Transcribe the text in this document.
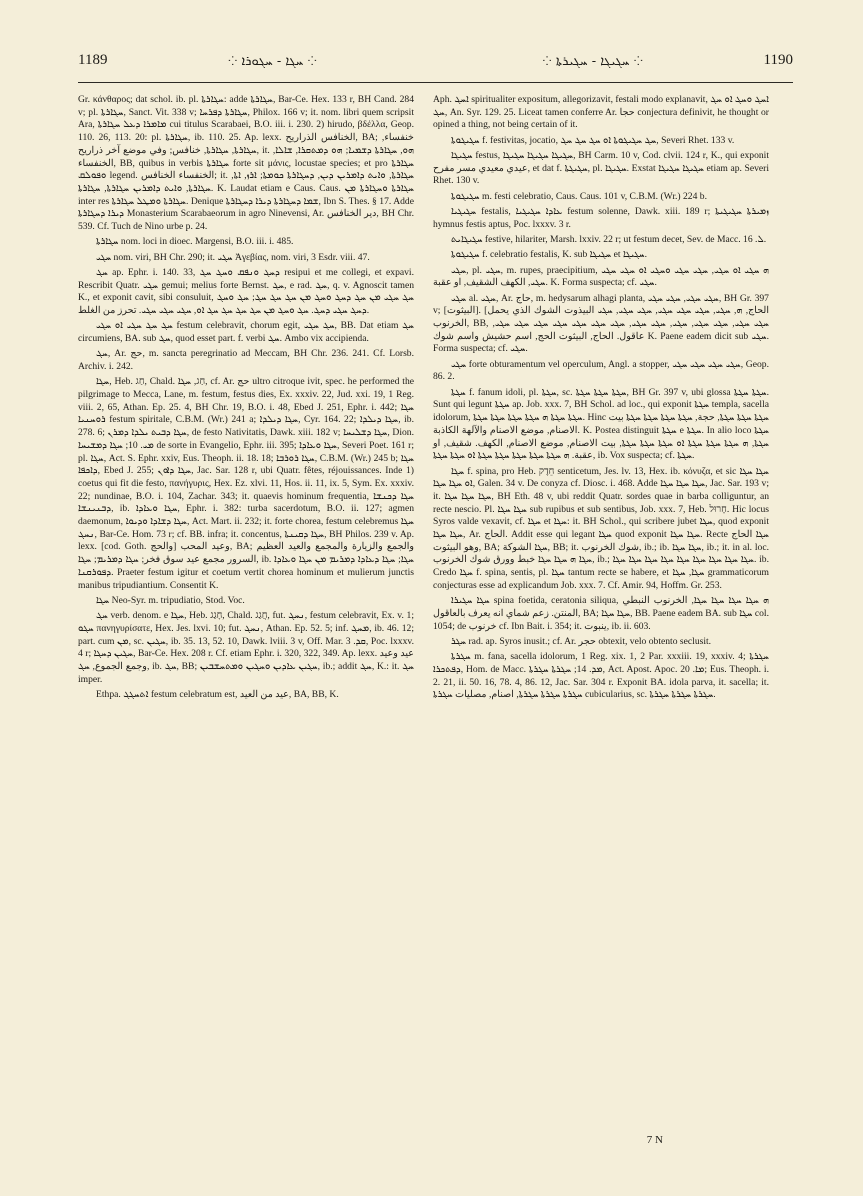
1189	⁘ ܚܓܐ - ܚܓܘܪܐ ⁘	⁘ ܚܓܝܓܐ - ܚܓܝܪܬܐ ⁘	1190

Gr. κάνθαρος; dat schol. ib. pl. ܚܓܐܪܬܐ: adde ܚܓܐܪܬܐ, Bar-Ce. Hex. 133 r, BH Cand. 284 v; pl. ܚܓܐܪܬܐ, Sanct. Vit. 338 v; ܚܓܐܪܬܐ ܕܦܪܚܐ, Philox. 166 v; it. nom. libri quem scripsit Ara, ܡܐܡܪܐ ܕܥܠ ܚܓܐܪܬܐ cui titulus Scarabaei, B.O. iii. i. 230. 2) hirudo, βδέλλα, Geop. 110. 26, 113. 20: pl. ܚܓܐܪܬܐ, ib. 110. 25. Ap. lexx. الخنافس الذراريح, BA; خنفساء, ܚܓܐܪܬܐ, ܚܓܐܪܬܐ, خنافس; وفي موضع آخر ذراريح, it. ܗܘ, ܚܓܐܪܬܐ ܕܫܡܝܐ; ܗܘ ܕܡܬܩܪܐ, ܫܐܠܐ, الخنفساء, BB, quibus in verbis ܚܓܐܪܬܐ forte sit μάνις, locustae species; et pro ܚܓܐܪܬܐ ܘܦܘܠܩ legend. الخنفساء الخنافس; it. ܚܓܐܪܬܐ, ܘܐܝܬ ܕܐܡܪܝܢ ܕܝܢ, ܕܚܓܐܪܬܐ ܟܘܡܬܐ; ܐܪܙ, ܐܬܐ, ܚܓܐܪܬܐ, ܘܐܝܬ ܕܐܡܪܝܢ ܚܓܐܪܬܐ, ܚܓܐܪܬܐ. K. Laudat etiam e Caus. Caus. ܚܓܐܪܬܐ ܘܚܓܐܪܬܐ ܡܢ inter res ܚܓܐܪܬܐ ܘܡܛܠ ܚܓܐܪܬܐ. Denique ܫܡܐ ܕܚܓܐܪܬܐ ܕܝܪܐ ܕܚܓܐܪܬܐ, Ibn S. Thes. § 17. Adde ܕܝܪܐ ܕܚܓܐܪܬܐ Monasterium Scarabaeorum in agro Ninevensi, Ar. دير الخنافس, BH Chr. 539. Cf. Tuch de Nino urbe p. 24.

ܚܓܐܪܬܐ nom. loci in dioec. Margensi, B.O. iii. i. 485.

ܚܓܝ nom. viri, BH Chr. 290; it. ܚܓܝ Ἀγεβίας, nom. viri, 3 Esdr. viii. 47.

ܚܓ ap. Ephr. i. 140. 33, ܕܚܓ ܘܢܦܩ ܘܚܓ ܚܓ resipui et me collegi, et expavi. Rescribit Quatr. ܚܓܝ gemui; melius forte Bernst. ܚܓ, e rad. ܚܓ, q. v. Agnoscit tamen K., et exponit cavit, sibi consuluit, ܚܓ ܚܓܝ ܡܢ ܚܓ ܕܚܓ ܘܚܓ ܡܢ ܚܓ ܚܓ ܚܓ; ܚܓ ܘܚܓ ܕܚܓ ܚܓܝ ܕܚܓ. ܚܓ ܘܚܓ ܡܢ ܚܓ ܚܓ ܚܓ ܚܓ ܐܘ, ܚܓܝ ܚܓܝ ܚܓܝ. تحرز من الغلط.

ܚܓ ܚܓ ܚܓܝ ܐܘ ܚܓܝ festum celebravit, chorum egit, ܚܓ ܚܓܝ, BB. Dat etiam ܚܓ circumiens, BA. sub ܚܓ, quod esset part. f. verbi ܚܓ. Ambo vix accipienda.

ܚܓ, Ar. حج, m. sancta peregrinatio ad Meccam, BH Chr. 236. 241. Cf. Lorsb. Archiv. i. 242.

ܚܓܐ, Heb. חַג, Chald. חַג, ܚܓܐ, cf. Ar. حج ultro citroque ivit, spec. he performed the pilgrimage to Mecca, Lane, m. festum, festus dies, Ex. xxxiv. 22, Jud. xxi. 19, 1 Reg. viii. 2, 65, Athan. Ep. 25. 4, BH Chr. 19, B.O. i. 48, Ebed J. 251, Ephr. i. 442; ܚܓܐ ܪܘܚܢܝܐ festum spiritale, C.B.M. (Wr.) 241 a; ܚܓܐ ܕܝܠܕܐ, Cyr. 164. 22; ܚܓܐ ܕܝܠܕܐ, ib. 278. 6; ܚܓܐ ܕܒܝܬ ܝܠܕܐ ܕܡܪܢ, de festo Nativitatis, Dawk. xiii. 182 v; ܚܓܐ ܕܫܠܝܚܐ, Dion. ܡܝ. 10; ܚܓܐ ܕܡܫܝܚܐ de sorte in Evangelio, Ephr. iii. 395; ܚܓܐ ܘܥܐܕܐ, Severi Poet. 161 r; pl. ܚܓܐ, Act. S. Ephr. xxiv, Eus. Theoph. ii. 18. 18; ܚܓܐ ܪܘܪܒܐ, C.B.M. (Wr.) 245 b; ܚܓܐ ܕܐܟܦܐ, Ebed J. 255; ܚܓܐ ܕܐܘܢ, Jac. Sar. 128 r, ubi Quatr. fêtes, réjouissances. Inde 1) coetus qui fit die festo, πανήγυρις, Hex. Ez. xlvi. 11, Hos. ii. 11, ix. 5, Sym. Ex. xxxiv. 22; nundinae, B.O. i. 104, Zachar. 343; it. quaevis hominum frequentia, ܚܓܐ ܕܟܢܫܐ ܕܒܢܝܢܫܐ, ib. ܚܓܐ ܘܥܐܕܐ, Ephr. i. 382: turba sacerdotum, B.O. ii. 127; agmen daemonum, ܚܓܐ ܕܫܐܕܐ ܘܕܝܘܐ, Act. Mart. ii. 232; it. forte chorea, festum celebremus ܚܓܐ ܢܚܓ, Bar-Ce. Hom. 73 r; cf. BB. infra; it. concentus, ܚܓܐ ܕܩܝܢܬܐ, BH Philos. 239 v. Ap. lexx. [cod. Goth. والحج] وعيد المحب, BA; والجمع والزيارة والمجمع والعيد العظيم السرور مجمع عيد سوق فخر; ܚܓܐ ܕܡܪܝܡ; ܚܓܐ, ib. ܚܓܐ; ܚܓܐ ܕܥܐܕܐ ܕܡܪܝܡ ܡܢ ܚܓܐ ܘܥܐܕܐ ܕܦܘܪܩܢܐ. Praeter festum igitur et coetum vertit chorea hominum et mulierum junctis manibus tripudiantium. Consentit K.

ܚܓܐ Neo-Syr. m. tripudiatio, Stod. Voc.

ܚܓ verb. denom. e ܚܓܐ, Heb. חָגַג, Chald. חֲגַג, fut. ܢܚܓ, festum celebravit, Ex. v. 1; ܚܓܘ πανηγυρίσατε, Hex. Jes. lxvi. 10; fut. ܢܚܓ, Athan. Ep. 52. 5; inf. ܡܚܓ, ib. 46. 12; part. cum ܡܢ, sc. ܚܓܝܢ, ib. 35. 13, 52. 10, Dawk. lviii. 3 v, Off. Mar. ܩܕ. 3, Poc. lxxxv. 4 r; ܚܓܝܢ ܕܚܓܐ, Bar-Ce. Hex. 208 r. Cf. etiam Ephr. i. 320, 322, 349. Ap. lexx. عيد وعيد وجمع الجموع, ܚܓ, ib. ܚܓ, BB; ܚܓܝܢ ܥܐܕܝܢ ܘܚܓܝܢ ܘܡܬܚܫܒܝܢ, ib.; addit ܚܓ, K.: it. ܚܓ imper.

Ethpa. ܐܬܚܓܓ festum celebratum est, عيد من العيد, BA, BB, K.

Aph. ܐܚܓ spiritualiter expositum, allegorizavit, festali modo explanavit, ܐܚܓ ܘܚܓ ܐܘ ܚܓ ܚܓ, An. Syr. 129. 25. Liceat tamen conferre Ar. حجا conjectura definivit, he thought or opined a thing, not being certain of it.

ܚܓܝܓܘܬܐ f. festivitas, jocatio, ܚܓ ܚܓܝܓܘܬܐ ܐܘ ܚܓ ܚܓ ܚܓ, Severi Rhet. 133 v.

ܚܓܝܓܐ festus, ܚܓܝܓܐ ܚܓܝܓܐ ܚܓܝܓܐ, BH Carm. 10 v, Cod. clvii. 124 r, K., qui exponit عيدي معيدي مسر مفرح, et dat f. ܚܓܝܓܬܐ, pl. ܚܓܝܓܐ. Exstat ܚܓܝܓܐ ܚܓܝܓܐ etiam ap. Severi Rhet. 130 v.

ܚܓܝܓܘܬܐ m. festi celebratio, Caus. Caus. 101 v, C.B.M. (Wr.) 224 b.

ܚܓܝܓܝܐ festalis, ܥܐܕܐ ܚܓܝܓܝܐ festum solenne, Dawk. xiii. 189 r; ܙܡܝܪܬܐ ܚܓܝܓܝܬܐ hymnus festis aptus, Poc. lxxxv. 3 r.

ܚܓܝܓܐܝܬ festive, hilariter, Marsh. lxxiv. 22 r; ut festum decet, Sev. de Macc. ܠ. 16.

ܚܓܝܓܘܬܐ f. celebratio festalis, K. sub ܚܓܝܓܐ et ܚܓܝܓܐ.

ܚܓܝ, pl. ܚܓܝ, m. rupes, praecipitium, ܗ ܚܓܝ ܐܘ ܚܓܝ, ܚܓܝ ܚܓܝ ܘܚܓܝ ܐܘ ܚܓܝ ܚܓܝ ܚܓܝ, الكهف الشقيف, او عقبة. K. Forma suspecta; cf. ܚܓܝ.

ܚܓܝ al. ܚܓܝ, Ar. حاج, m. hedysarum alhagi planta, ܚܓܝ ܚܓܝ, ܚܓܝ ܚܓܝ, BH Gr. 397 v; [البيثوت]. [الحاج, ܗ, ܚܓܝ, ܚܓܝ ܚܓܝ ܚܓܝ, ܚܓܝ ܚܓܝ, ܚܓܝ البيذوت الشوك الذي يحمل الخرنوب, BB, ܚܓܝ ܚܓܝ, ܚܓܝ ܚܓܝ, ܚܓܝ, ܚܓܝ ܚܓܝ, ܚܓܝ ܚܓܝ ܚܓܝ ܚܓܝ ܚܓܝ ܚܓܝ ܚܓܝ, عاقول. الحاج, البيثوت الحج, اسم حشيش واسم شوك K. Paene eadem dicit sub ܚܓܝ. Forma suspecta; cf. ܚܓܝ.

ܚܓܝ forte obturamentum vel operculum, Angl. a stopper, ܚܓܝ ܚܓܝ ܚܓܝ ܚܓܝ, Geop. 86. 2.

ܚܓܬܐ f. fanum idoli, pl. ܚܓܬܐ, sc. ܚܓܬܐ ܚܓܬܐ ܚܓܬܐ, BH Gr. 397 v, ubi glossa ܚܓܬܐ ܚܓܬܐ. Sunt qui legunt ܚܓܬܐ ap. Job. xxx. 7, BH Schol. ad loc., qui exponit ܚܓܬܐ templa, sacella idolorum, ܚܓܬܐ ܚܓܬܐ ܗ ܚܓܬܐ ܚܓܬܐ ܚܓܬܐ ܚܓܬܐ. Hinc ܚܓܬܐ ܚܓܬܐ ܚܓܬܐ, حجة, ܚܓܬܐ ܚܓܬܐ ܚܓܬܐ ܚܓܬܐ بيت الاصنام, موضع الاصنام والآلهة الكاذبة. K. Postea distinguit ܚܓܬܐ e ܚܓܬܐ. In alio loco ܚܓܬܐ ܚܓܬܐ, ܗ ܚܓܬܐ ܚܓܬܐ ܚܓܬܐ ܐܘ ܚܓܬܐ ܚܓܬܐ ܚܓܬܐ, بيت الاصنام, موضع الاصنام, الكهف. شقيف, او عقبة. ܗ ܚܓܬܐ ܚܓܬܐ ܚܓܬܐ ܚܓܬܐ ܚܓܬܐ ܐܘ ܚܓܬܐ ܚܓܬܐ, ib. Vox suspecta; cf. ܚܓܬܐ.

ܚܓܐ f. spina, pro Heb. חֵדֶק senticetum, Jes. lv. 13, Hex. ib. κόνυζα, et sic ܚܓܐ ܚܓܐ ܐܘ ܚܓܐ ܚܓܐ, Galen. 34 v. De conyza cf. Diosc. i. 468. Adde ܚܓܐ ܚܓܐ ܚܓܐ, Jac. Sar. 193 v; it. ܚܓܐ ܚܓܐ ܚܓܐ, BH Eth. 48 v, ubi reddit Quatr. sordes quae in barba colliguntur, an recte nescio. Pl. ܚܓܐ ܚܓܐ sub rupibus et sub sentibus, Job. xxx. 7, Heb. חָרוּל. Hic locus Syros valde vexavit, cf. ܚܓܐ et ܚܓܐ: it. BH Schol., qui scribere jubet ܚܓܐ, quod exponit ܚܓܐ ܚܓܐ, Ar. الحاج. Addit esse qui legant ܚܓܐ quod exponit ܚܓܐ ܚܓܐ. Recte ܚܓܐ الحاج وهو البيثوت, BA; ܚܓܐ الشوكة, BB; it. شوك الخرنوب, ib.; ib. ܚܓܐ ܚܓܐ, ib.; it. in al. loc. ܚܓܐ ܗ ܚܓܐ ܚܓܐ خبط وورق شوك الخرنوب, ib.; ܚܓܐ ܚܓܐ ܚܓܐ ܚܓܐ ܚܓܐ ܚܓܐ ܚܓܐ ܚܓܐ ܚܓܐ. ib. Credo ܚܓܐ f. spina, sentis, pl. ܚܓܐ tantum recte se habere, et ܚܓܐ, ܚܓܐ grammaticorum conjecturas esse ad explicandum Job. xxx. 7. Cf. Amir. 94, Hoffm. Gr. 253.

ܚܓܐ ܚܓܝܪܐ spina foetida, ceratonia siliqua, ܗ ܚܓܐ ܚܓܐ ܚܓܐ ܚܓܐ, الخرنوب النبطي المنتن. زعم شماي انه يعرف بالعاقول, BA; ܚܓܐ ܚܓܐ, BB. Paene eadem BA. sub ܚܓܐ col. 1054; de خرنوب cf. Ibn Bait. i. 354; it. ينبوت, ib. ii. 603.

ܚܓܪ rad. ap. Syros inusit.; cf. Ar. حجر obtexit, velo obtento seclusit.

ܚܓܪܬܐ m. fana, sacella idolorum, 1 Reg. xix. 1, 2 Par. xxxiii. 19, xxxiv. 4; ܚܓܪܬܐ ܕܦܬܟܪܐ, Hom. de Macc. ܡܕ. 14; ܚܓܪܬܐ ܚܓܪܬܐ, Act. Apost. Apoc. ܡܐ. 20; Eus. Theoph. i. 2. 21, ii. 50. 16, 78. 4, 86. 12, Jac. Sar. 304 r. Exponit BA. idola parva, it. sacella; it. ܚܓܪܬܐ ܚܓܪܬܐ ܚܓܪܬܐ, اصنام, مصليات ܚܓܪܬܐ cubicularius, sc. ܚܓܪܬܐ ܚܓܪܬܐ ܚܓܪܬܐ.

7 N
